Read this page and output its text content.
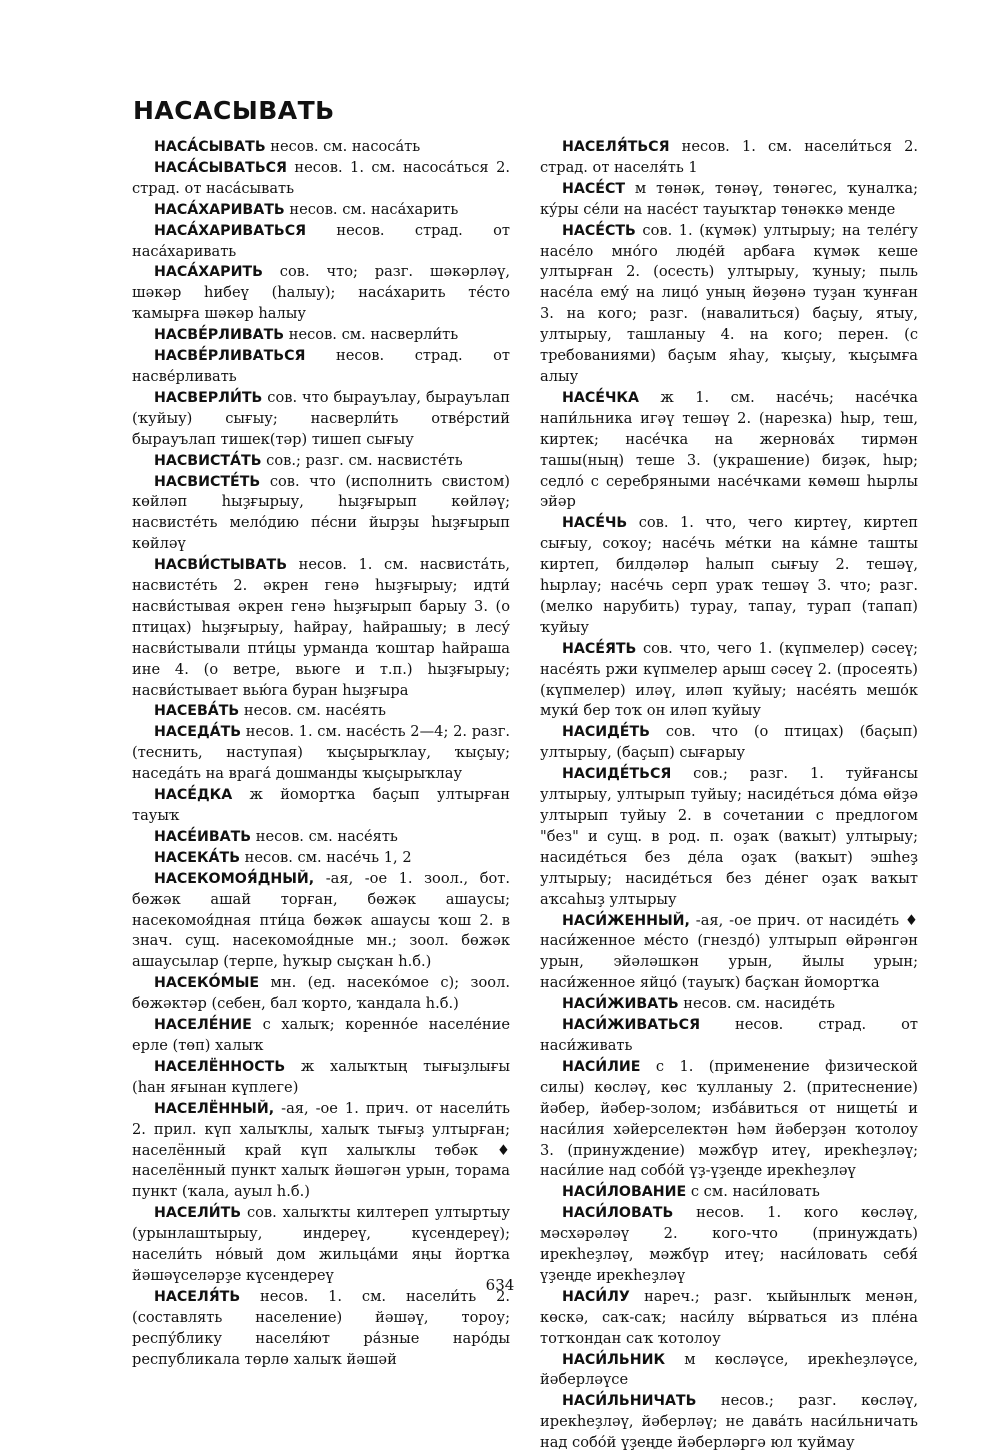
НАСАСЫВАТЬ

НАСА́СЫВАТЬ несов. см. насоса́ть

НАСА́СЫВАТЬСЯ несов. 1. см. насоса́ться 2. страд. от наса́сывать

НАСА́ХАРИВАТЬ несов. см. наса́харить

НАСА́ХАРИВАТЬСЯ несов. страд. от наса́харивать

НАСА́ХАРИТЬ сов. что; разг. шәкәрләү, шәкәр һибеү (һалыу); наса́харить те́сто ҡамырға шәкәр һалыу

НАСВЕ́РЛИВАТЬ несов. см. насверли́ть

НАСВЕ́РЛИВАТЬСЯ несов. страд. от насве́рливать

НАСВЕРЛИ́ТЬ сов. что бырауълау, бырауълап (ҡуйыу) сығыу; насверли́ть отве́рстий бырауълап тишек(тәр) тишеп сығыу

НАСВИСТА́ТЬ сов.; разг. см. насвисте́ть

НАСВИСТЕ́ТЬ сов. что (исполнить свистом) көйләп һыҙғырыу, һыҙғырып көйләү; насвисте́ть мело́дию пе́сни йырҙы һыҙғырып көйләү

НАСВИ́СТЫВАТЬ несов. 1. см. насвиста́ть, насвисте́ть 2. әкрен генә һыҙғырыу; идти́ насви́стывая әкрен генә һыҙғырып барыу 3. (о птицах) һыҙғырыу, һайрау, һайрашыу; в лесу́ насви́стывали пти́цы урманда ҡоштар һайраша ине 4. (о ветре, вьюге и т.п.) һыҙғырыу; насви́стывает вью́га буран һыҙғыра

НАСЕВА́ТЬ несов. см. насе́ять

НАСЕДА́ТЬ несов. 1. см. насе́сть 2—4; 2. разг. (теснить, наступая) ҡыҫырыҡлау, ҡыҫыу; наседа́ть на врага́ дошманды ҡыҫырыҡлау

НАСЕ́ДКА ж йомортҡа баҫып ултырған тауыҡ

НАСЕ́ИВАТЬ несов. см. насе́ять

НАСЕКА́ТЬ несов. см. насе́чь 1, 2

НАСЕКОМОЯ́ДНЫЙ, -ая, -ое 1. зоол., бот. бөжәк ашай торған, бөжәк ашаусы; насекомоя́дная пти́ца бөжәк ашаусы ҡош 2. в знач. сущ. насекомоя́дные мн.; зоол. бөжәк ашаусылар (терпе, һуҡыр сыҫҡан һ.б.)

НАСЕКО́МЫЕ мн. (ед. насеко́мое с); зоол. бөжәктәр (себен, бал ҡорто, ҡандала һ.б.)

НАСЕЛЕ́НИЕ с халыҡ; коренно́е населе́ние ерле (төп) халыҡ

НАСЕЛЁННОСТЬ ж халыҡтың тығыҙлығы (һан яғынан күплеге)

НАСЕЛЁННЫЙ, -ая, -ое 1. прич. от насели́ть 2. прил. күп халыҡлы, халыҡ тығыҙ ултырған; населённый край күп халыҡлы төбәк ♦ населённый пункт халыҡ йәшәгән урын, торама пункт (ҡала, ауыл һ.б.)

НАСЕЛИ́ТЬ сов. халыҡты килтереп ултыртыу (урынлаштырыу, индереү, күсендереү); насели́ть но́вый дом жильца́ми яңы йортҡа йәшәүселәрҙе күсендереү

НАСЕЛЯ́ТЬ несов. 1. см. насели́ть 2. (составлять население) йәшәү, тороу; респу́блику населя́ют ра́зные наро́ды республикала төрлө халыҡ йәшәй

НАСЕЛЯ́ТЬСЯ несов. 1. см. насели́ться 2. страд. от населя́ть 1

НАСЕ́СТ м төнәк, төнәү, төнәгес, ҡуналҡа; ку́ры се́ли на насе́ст тауыҡтар төнәккә менде

НАСЕ́СТЬ сов. 1. (күмәк) ултырыу; на теле́гу насе́ло мно́го люде́й арбаға күмәк кеше ултырған 2. (осесть) ултырыу, ҡуныу; пыль насе́ла ему́ на лицо́ уның йөҙөнә туҙан ҡунған 3. на кого; разг. (навалиться) баҫыу, ятыу, ултырыу, ташланыу 4. на кого; перен. (с требованиями) баҫым яһау, ҡыҫыу, ҡыҫымға алыу

НАСЕ́ЧКА ж 1. см. насе́чь; насе́чка напи́льника игәү тешәү 2. (нарезка) һыр, теш, киртек; насе́чка на жернова́х тирмән ташы(ның) теше 3. (украшение) биҙәк, һыр; седло́ с серебряными насе́чками көмөш һырлы эйәр

НАСЕ́ЧЬ сов. 1. что, чего киртеү, киртеп сығыу, соҡоу; насе́чь ме́тки на ка́мне ташты киртеп, билдәләр һалып сығыу 2. тешәү, һырлау; насе́чь серп ураҡ тешәү 3. что; разг. (мелко нарубить) турау, тапау, турап (тапап) ҡуйыу

НАСЕ́ЯТЬ сов. что, чего 1. (күпмелер) сәсеү; насе́ять ржи күпмелер арыш сәсеү 2. (просеять) (күпмелер) иләү, иләп ҡуйыу; насе́ять мешо́к муки́ бер тоҡ он иләп ҡуйыу

НАСИДЕ́ТЬ сов. что (о птицах) (баҫып) ултырыу, (баҫып) сығарыу

НАСИДЕ́ТЬСЯ сов.; разг. 1. туйғансы ултырыу, ултырып туйыу; насиде́ться до́ма өйҙә ултырып туйыу 2. в сочетании с предлогом "без" и сущ. в род. п. оҙаҡ (ваҡыт) ултырыу; насиде́ться без де́ла оҙаҡ (ваҡыт) эшһеҙ ултырыу; насиде́ться без де́нег оҙаҡ ваҡыт аҡсаһыҙ ултырыу

НАСИ́ЖЕННЫЙ, -ая, -ое прич. от насиде́ть ♦ наси́женное ме́сто (гнездо́) ултырып өйрәнгән урын, эйәләшкән урын, йылы урын; наси́женное яйцо́ (тауыҡ) баҫҡан йомортҡа

НАСИ́ЖИВАТЬ несов. см. насиде́ть

НАСИ́ЖИВАТЬСЯ несов. страд. от наси́живать

НАСИ́ЛИЕ с 1. (применение физической силы) көсләү, көс ҡулланыу 2. (притеснение) йәбер, йәбер-золом; изба́виться от нищеты́ и наси́лия хәйерселектән һәм йәберҙән ҡотолоу 3. (принуждение) мәжбүр итеү, ирекһеҙләү; наси́лие над собо́й үҙ-үҙеңде ирекһеҙләү

НАСИ́ЛОВАНИЕ с см. наси́ловать

НАСИ́ЛОВАТЬ несов. 1. кого көсләү, мәсхәрәләү 2. кого-что (принуждать) ирекһеҙләү, мәжбүр итеү; наси́ловать себя́ үҙеңде ирекһеҙләү

НАСИ́ЛУ нареч.; разг. ҡыйынлыҡ менән, көскә, саҡ-саҡ; наси́лу вы́рваться из пле́на тотҡондан саҡ ҡотолоу

НАСИ́ЛЬНИК м көсләүсе, ирекһеҙләүсе, йәберләүсе

НАСИ́ЛЬНИЧАТЬ несов.; разг. көсләү, ирекһеҙләү, йәберләү; не дава́ть наси́льничать над собо́й үҙеңде йәберләргә юл ҡуймау

634
